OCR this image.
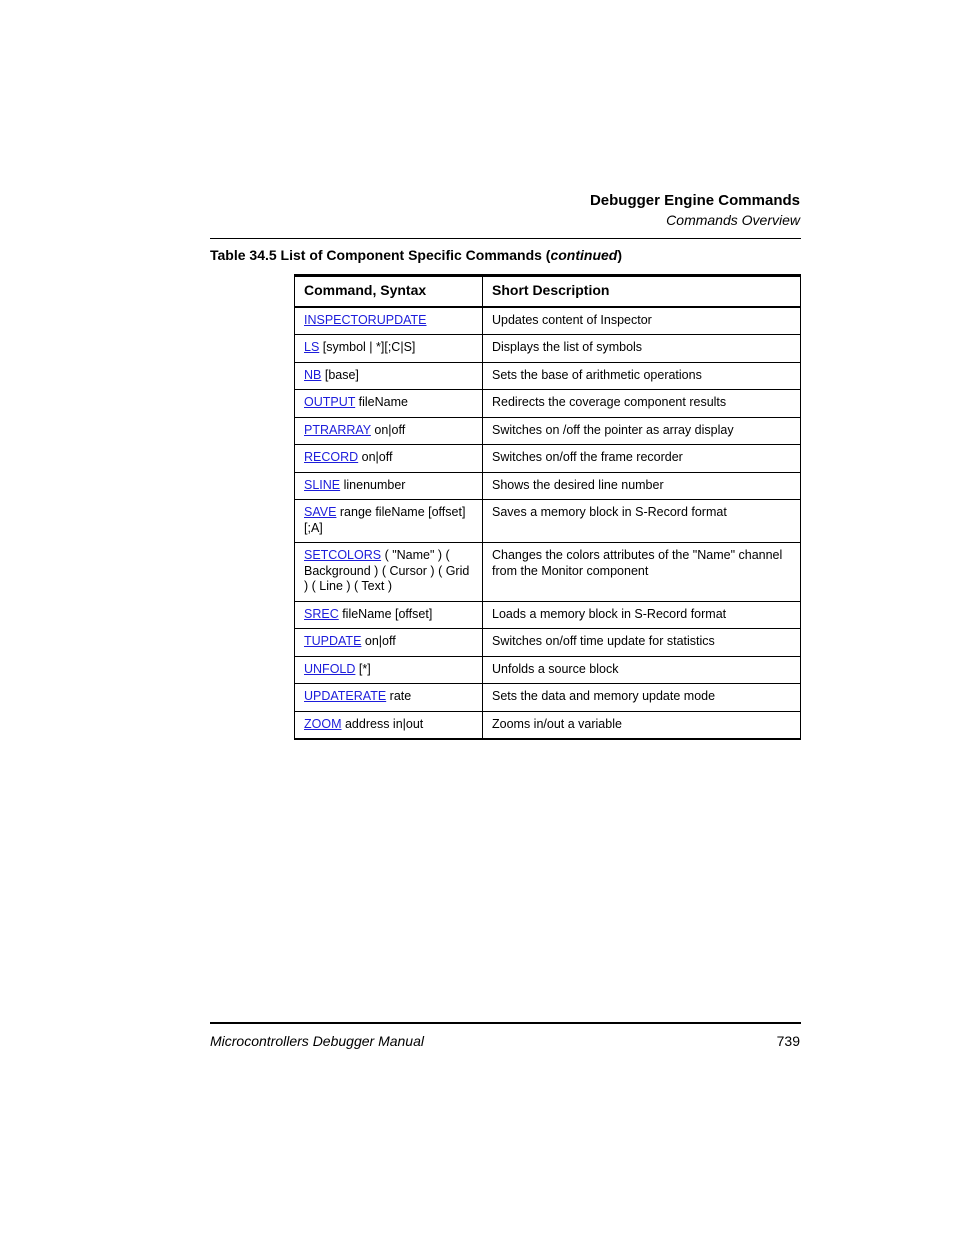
Debugger Engine Commands
Commands Overview
Table 34.5 List of Component Specific Commands (continued)
Command, Syntax	Short Description
INSPECTORUPDATE	Updates content of Inspector
LS [symbol | *][;C|S]	Displays the list of symbols
NB [base]	Sets the base of arithmetic operations
OUTPUT fileName	Redirects the coverage component results
PTRARRAY on|off	Switches on /off the pointer as array display
RECORD on|off	Switches on/off the frame recorder
SLINE linenumber	Shows the desired line number
SAVE range fileName [offset][;A]	Saves a memory block in S-Record format
SETCOLORS ( "Name" ) ( Background ) ( Cursor ) ( Grid ) ( Line ) ( Text )	Changes the colors attributes of the "Name" channel from the Monitor component
SREC fileName [offset]	Loads a memory block in S-Record format
TUPDATE on|off	Switches on/off time update for statistics
UNFOLD [*]	Unfolds a source block
UPDATERATE rate	Sets the data and memory update mode
ZOOM address in|out	Zooms in/out a variable
Microcontrollers Debugger Manual	739
